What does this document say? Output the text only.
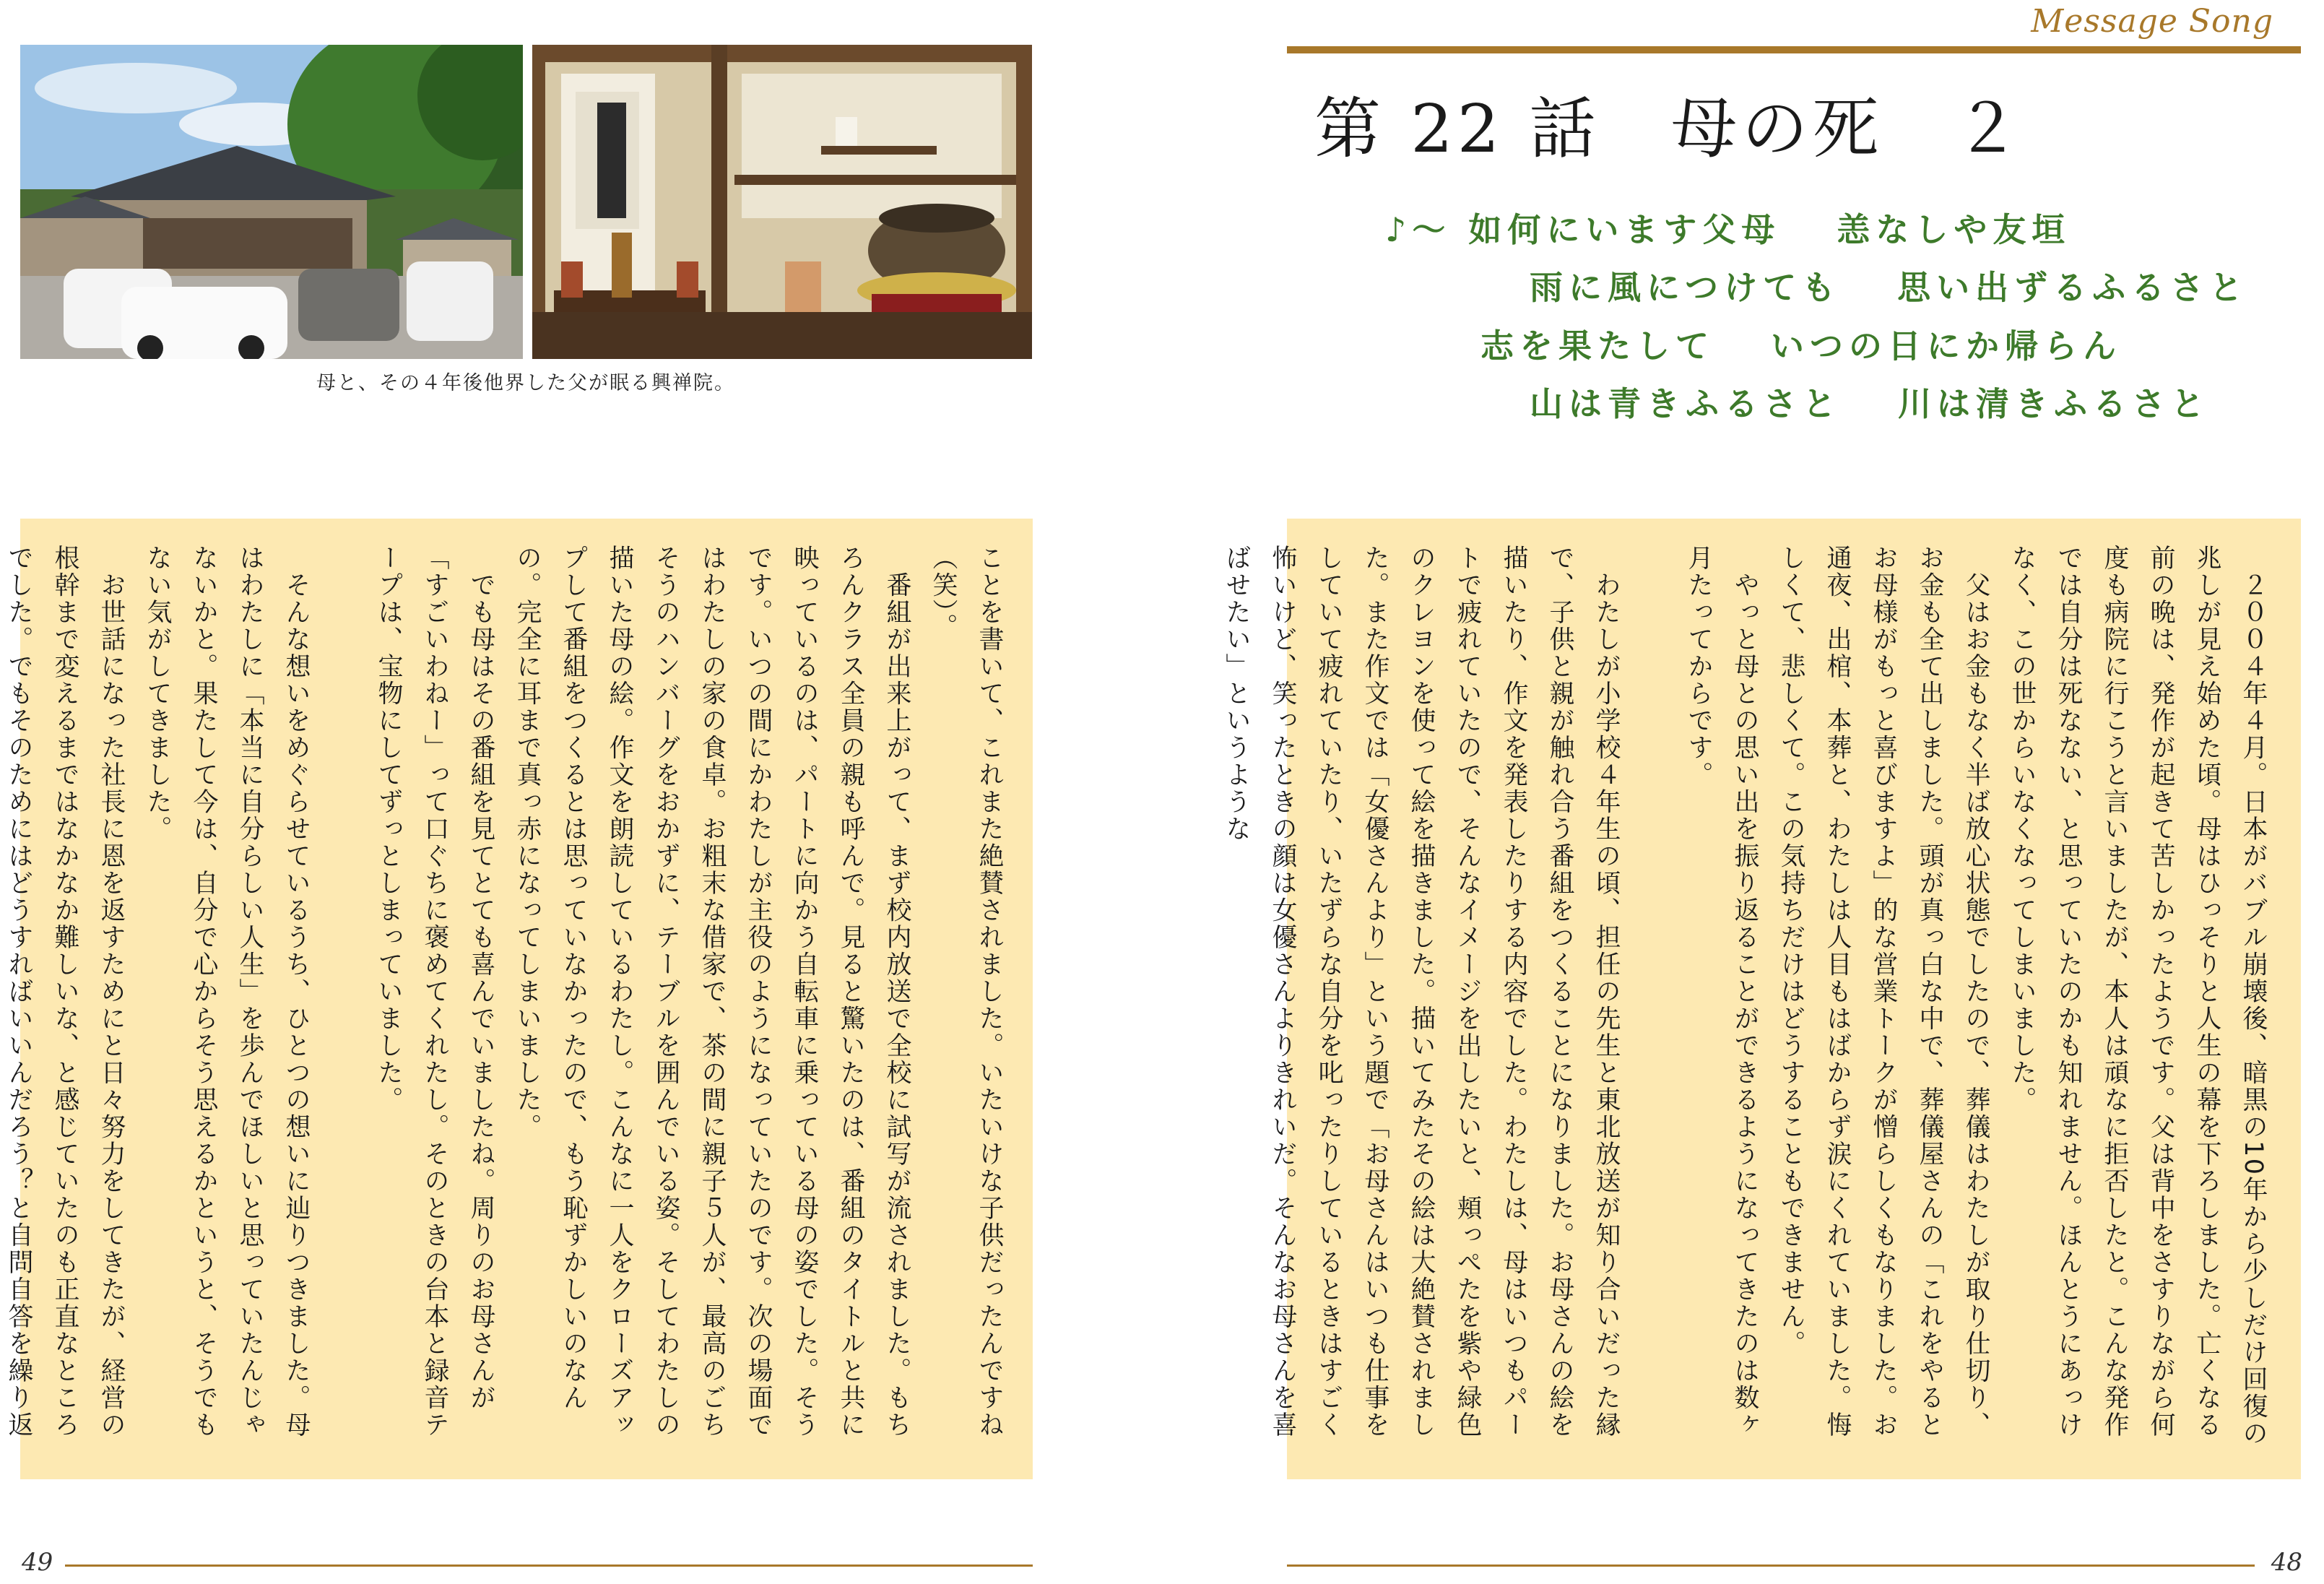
母と、その４年後他界した父が眠る興禅院。
ことを書いて、これまた絶賛されました。いたいけな子供だったんですね（笑）。
　番組が出来上がって、まず校内放送で全校に試写が流されました。もちろんクラス全員の親も呼んで。見ると驚いたのは、番組のタイトルと共に映っているのは、パートに向かう自転車に乗っている母の姿でした。そうです。いつの間にかわたしが主役のようになっていたのです。次の場面ではわたしの家の食卓。お粗末な借家で、茶の間に親子５人が、最高のごちそうのハンバーグをおかずに、テーブルを囲んでいる姿。そしてわたしの描いた母の絵。作文を朗読しているわたし。こんなに一人をクローズアップして番組をつくるとは思っていなかったので、もう恥ずかしいのなんの。完全に耳まで真っ赤になってしまいました。
　でも母はその番組を見てとても喜んでいましたね。周りのお母さんが「すごいわねー」って口ぐちに褒めてくれたし。そのときの台本と録音テープは、宝物にしてずっとしまっていました。

　そんな想いをめぐらせているうち、ひとつの想いに辿りつきました。母はわたしに「本当に自分らしい人生」を歩んでほしいと思っていたんじゃないかと。果たして今は、自分で心からそう思えるかというと、そうでもない気がしてきました。
　お世話になった社長に恩を返すためにと日々努力をしてきたが、経営の根幹まで変えるまではなかなか難しいな、と感じていたのも正直なところでした。でもそのためにはどうすればいいんだろう？と自問自答を繰り返
49
Message Song
第 22 話　母の死　２
♪～ 如何にいます父母　 恙なしや友垣
雨に風につけても　 思い出ずるふるさと
志を果たして　 いつの日にか帰らん
山は青きふるさと　 川は清きふるさと
　２００４年４月。日本がバブル崩壊後、暗黒の10年から少しだけ回復の兆しが見え始めた頃。母はひっそりと人生の幕を下ろしました。亡くなる前の晩は、発作が起きて苦しかったようです。父は背中をさすりながら何度も病院に行こうと言いましたが、本人は頑なに拒否したと。こんな発作では自分は死なない、と思っていたのかも知れません。ほんとうにあっけなく、この世からいなくなってしまいました。
　父はお金もなく半ば放心状態でしたので、葬儀はわたしが取り仕切り、お金も全て出しました。頭が真っ白な中で、葬儀屋さんの「これをやるとお母様がもっと喜びますよ」的な営業トークが憎らしくもなりました。お通夜、出棺、本葬と、わたしは人目もはばからず涙にくれていました。悔しくて、悲しくて。この気持ちだけはどうすることもできません。
　やっと母との思い出を振り返ることができるようになってきたのは数ヶ月たってからです。

　わたしが小学校４年生の頃、担任の先生と東北放送が知り合いだった縁で、子供と親が触れ合う番組をつくることになりました。お母さんの絵を描いたり、作文を発表したりする内容でした。わたしは、母はいつもパートで疲れていたので、そんなイメージを出したいと、頬っぺたを紫や緑色のクレヨンを使って絵を描きました。描いてみたその絵は大絶賛されました。また作文では「女優さんより」という題で「お母さんはいつも仕事をしていて疲れていたり、いたずらな自分を叱ったりしているときはすごく怖いけど、笑ったときの顔は女優さんよりきれいだ。そんなお母さんを喜ばせたい」というような
48
